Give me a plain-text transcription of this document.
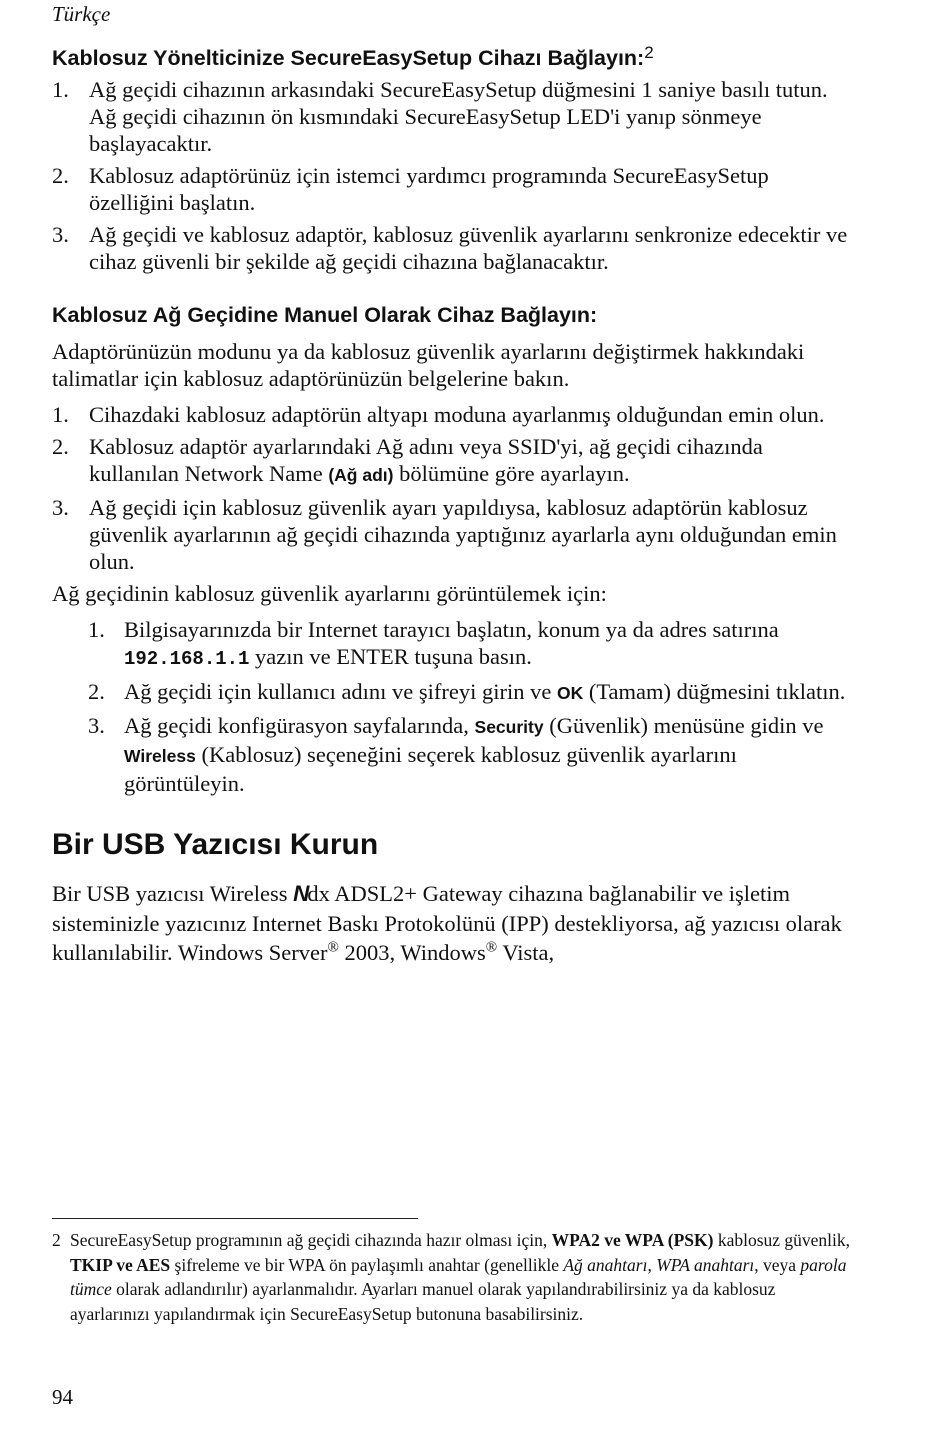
Türkçe
Kablosuz Yönelticinize SecureEasySetup Cihazı Bağlayın:$^2$
1. Ağ geçidi cihazının arkasındaki SecureEasySetup düğmesini 1 saniye basılı tutun. Ağ geçidi cihazının ön kısmındaki SecureEasySetup LED'i yanıp sönmeye başlayacaktır.
2. Kablosuz adaptörünüz için istemci yardımcı programında SecureEasySetup özelliğini başlatın.
3. Ağ geçidi ve kablosuz adaptör, kablosuz güvenlik ayarlarını senkronize edecektir ve cihaz güvenli bir şekilde ağ geçidi cihazına bağlanacaktır.
Kablosuz Ağ Geçidine Manuel Olarak Cihaz Bağlayın:

Adaptörünüzün modunu ya da kablosuz güvenlik ayarlarını değiştirmek hakkındaki talimatlar için kablosuz adaptörünüzün belgelerine bakın.

1. Cihazdaki kablosuz adaptörün altyapı moduna ayarlanmış olduğundan emin olun.
2. Kablosuz adaptör ayarlarındaki Ağ adını veya SSID'yi, ağ geçidi cihazında kullanılan Network Name (Ağ adı) bölümüne göre ayarlayın.
3. Ağ geçidi için kablosuz güvenlik ayarı yapıldıysa, kablosuz adaptörün kablosuz güvenlik ayarlarının ağ geçidi cihazında yaptığınız ayarlarla aynı olduğundan emin olun.

Ağ geçidinin kablosuz güvenlik ayarlarını görüntülemek için:

1. Bilgisayarınızda bir Internet tarayıcı başlatın, konum ya da adres satırına 192.168.1.1 yazın ve ENTER tuşuna basın.
2. Ağ geçidi için kullanıcı adını ve şifreyi girin ve OK (Tamam) düğmesini tıklatın.
3. Ağ geçidi konfigürasyon sayfalarında, Security (Güvenlik) menüsüne gidin ve Wireless (Kablosuz) seçeneğini seçerek kablosuz güvenlik ayarlarını görüntüleyin.
Bir USB Yazıcısı Kurun

Bir USB yazıcısı Wireless Ndx ADSL2+ Gateway cihazına bağlanabilir ve işletim sisteminizle yazıcınız Internet Baskı Protokolünü (IPP) destekliyorsa, ağ yazıcısı olarak kullanılabilir. Windows Server® 2003, Windows® Vista,

2 SecureEasySetup programının ağ geçidi cihazında hazır olması için, WPA2 ve WPA (PSK) kablosuz güvenlik, TKIP ve AES şifreleme ve bir WPA ön paylaşımlı anahtar (genellikle Ağ anahtarı, WPA anahtarı, veya parola tümce olarak adlandırılır) ayarlanmalıdır. Ayarları manuel olarak yapılandırabilirsiniz ya da kablosuz ayarlarınızı yapılandırmak için SecureEasySetup butonuna basabilirsiniz.
94
